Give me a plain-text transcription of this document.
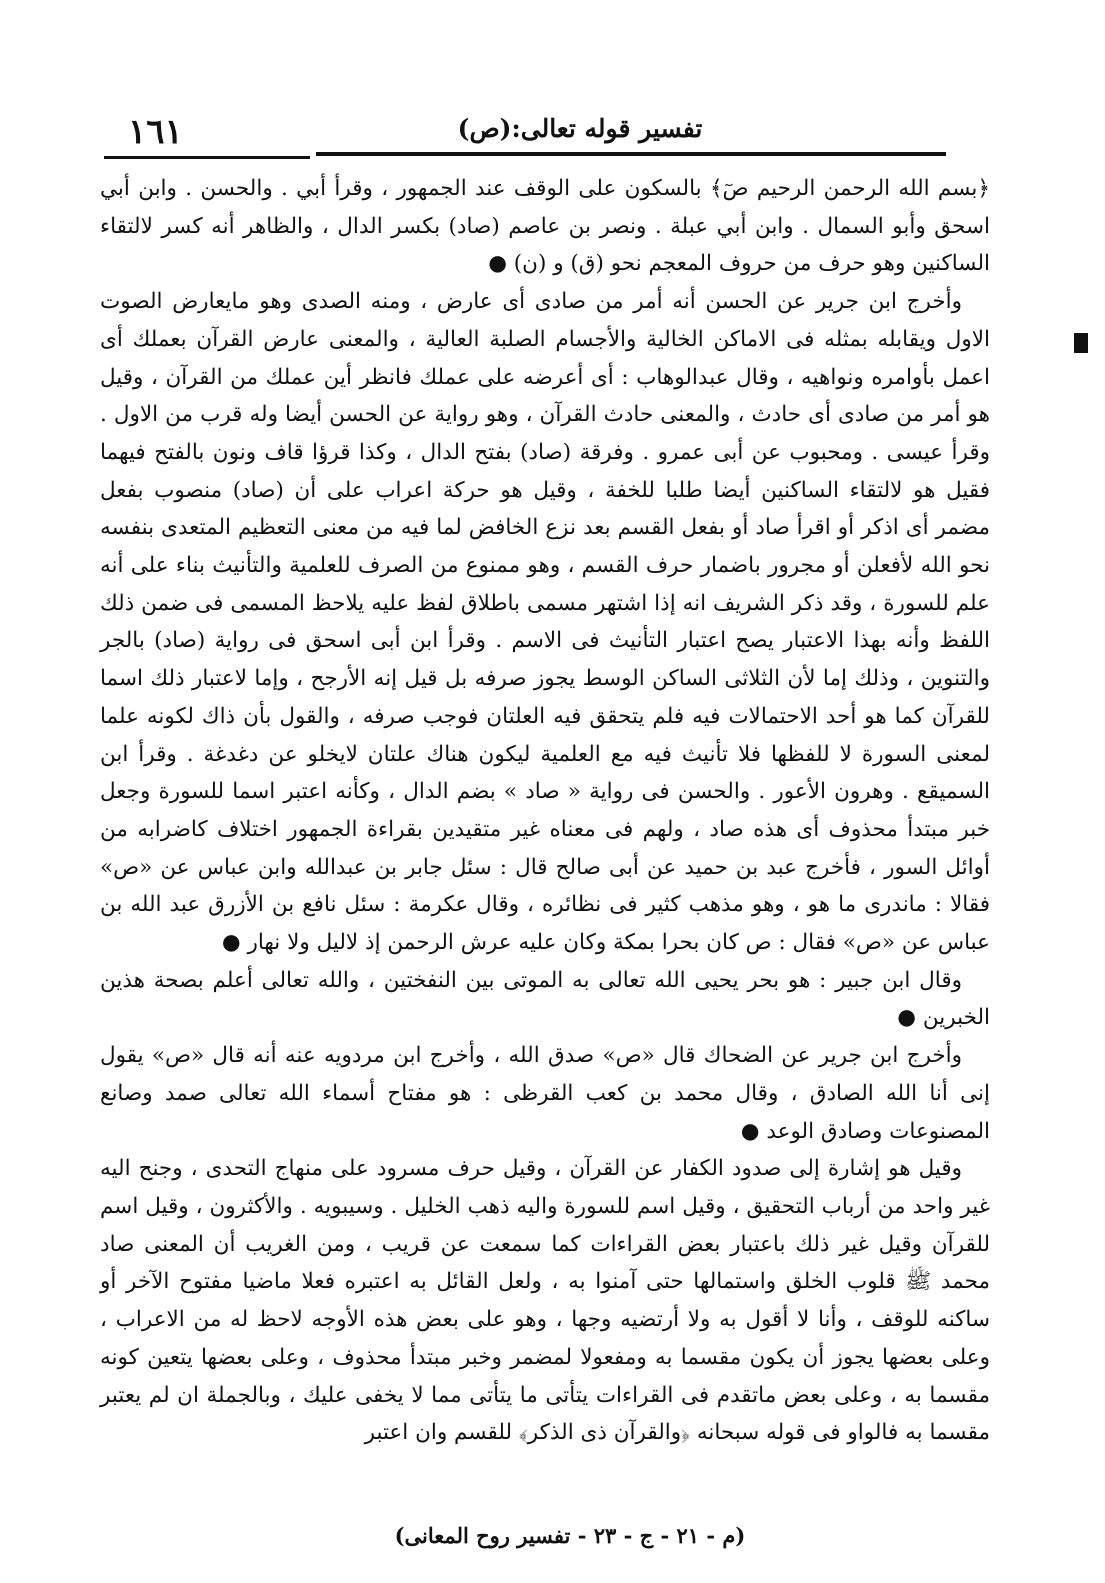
١٦١	تفسير قوله تعالى:(ص)

﴿بسم الله الرحمن الرحيم صٓ﴾ بالسكون على الوقف عند الجمهور ، وقرأ أبي . والحسن . وابن أبي اسحق وأبو السمال . وابن أبي عبلة . ونصر بن عاصم (صاد) بكسر الدال ، والظاهر أنه كسر لالتقاء الساكنين وهو حرف من حروف المعجم نحو (ق) و (ن) ●

وأخرج ابن جرير عن الحسن أنه أمر من صادى أى عارض ، ومنه الصدى وهو مايعارض الصوت الاول ويقابله بمثله فى الاماكن الخالية والأجسام الصلبة العالية ، والمعنى عارض القرآن بعملك أى اعمل بأوامره ونواهيه ، وقال عبدالوهاب : أى أعرضه على عملك فانظر أين عملك من القرآن ، وقيل هو أمر من صادى أى حادث ، والمعنى حادث القرآن ، وهو رواية عن الحسن أيضا وله قرب من الاول . وقرأ عيسى . ومحبوب عن أبى عمرو . وفرقة (صاد) بفتح الدال ، وكذا قرؤا قاف ونون بالفتح فيهما فقيل هو لالتقاء الساكنين أيضا طلبا للخفة ، وقيل هو حركة اعراب على أن (صاد) منصوب بفعل مضمر أى اذكر أو اقرأ صاد أو بفعل القسم بعد نزع الخافض لما فيه من معنى التعظيم المتعدى بنفسه نحو الله لأفعلن أو مجرور باضمار حرف القسم ، وهو ممنوع من الصرف للعلمية والتأنيث بناء على أنه علم للسورة ، وقد ذكر الشريف انه إذا اشتهر مسمى باطلاق لفظ عليه يلاحظ المسمى فى ضمن ذلك اللفظ وأنه بهذا الاعتبار يصح اعتبار التأنيث فى الاسم . وقرأ ابن أبى اسحق فى رواية (صاد) بالجر والتنوين ، وذلك إما لأن الثلاثى الساكن الوسط يجوز صرفه بل قيل إنه الأرجح ، وإما لاعتبار ذلك اسما للقرآن كما هو أحد الاحتمالات فيه فلم يتحقق فيه العلتان فوجب صرفه ، والقول بأن ذاك لكونه علما لمعنى السورة لا للفظها فلا تأنيث فيه مع العلمية ليكون هناك علتان لايخلو عن دغدغة . وقرأ ابن السميقع . وهرون الأعور . والحسن فى رواية « صاد » بضم الدال ، وكأنه اعتبر اسما للسورة وجعل خبر مبتدأ محذوف أى هذه صاد ، ولهم فى معناه غير متقيدين بقراءة الجمهور اختلاف كاضرابه من أوائل السور ، فأخرج عبد بن حميد عن أبى صالح قال : سئل جابر بن عبدالله وابن عباس عن «ص» فقالا : ماندرى ما هو ، وهو مذهب كثير فى نظائره ، وقال عكرمة : سئل نافع بن الأزرق عبد الله بن عباس عن «ص» فقال : ص كان بحرا بمكة وكان عليه عرش الرحمن إذ لاليل ولا نهار ●

وقال ابن جبير : هو بحر يحيى الله تعالى به الموتى بين النفختين ، والله تعالى أعلم بصحة هذين الخبرين ●

وأخرج ابن جرير عن الضحاك قال «ص» صدق الله ، وأخرج ابن مردويه عنه أنه قال «ص» يقول إنى أنا الله الصادق ، وقال محمد بن كعب القرظى : هو مفتاح أسماء الله تعالى صمد وصانع المصنوعات وصادق الوعد ●

وقيل هو إشارة إلى صدود الكفار عن القرآن ، وقيل حرف مسرود على منهاج التحدى ، وجنح اليه غير واحد من أرباب التحقيق ، وقيل اسم للسورة واليه ذهب الخليل . وسيبويه . والأكثرون ، وقيل اسم للقرآن وقيل غير ذلك باعتبار بعض القراءات كما سمعت عن قريب ، ومن الغريب أن المعنى صاد محمد ﷺ قلوب الخلق واستمالها حتى آمنوا به ، ولعل القائل به اعتبره فعلا ماضيا مفتوح الآخر أو ساكنه للوقف ، وأنا لا أقول به ولا أرتضيه وجها ، وهو على بعض هذه الأوجه لاحظ له من الاعراب ، وعلى بعضها يجوز أن يكون مقسما به ومفعولا لمضمر وخبر مبتدأ محذوف ، وعلى بعضها يتعين كونه مقسما به ، وعلى بعض ماتقدم فى القراءات يتأتى ما يتأتى مما لا يخفى عليك ، وبالجملة ان لم يعتبر مقسما به فالواو فى قوله سبحانه ﴿والقرآن ذى الذكر﴾ للقسم وان اعتبر

(م - ٢١ - ج - ٢٣ - تفسير روح المعانى)
